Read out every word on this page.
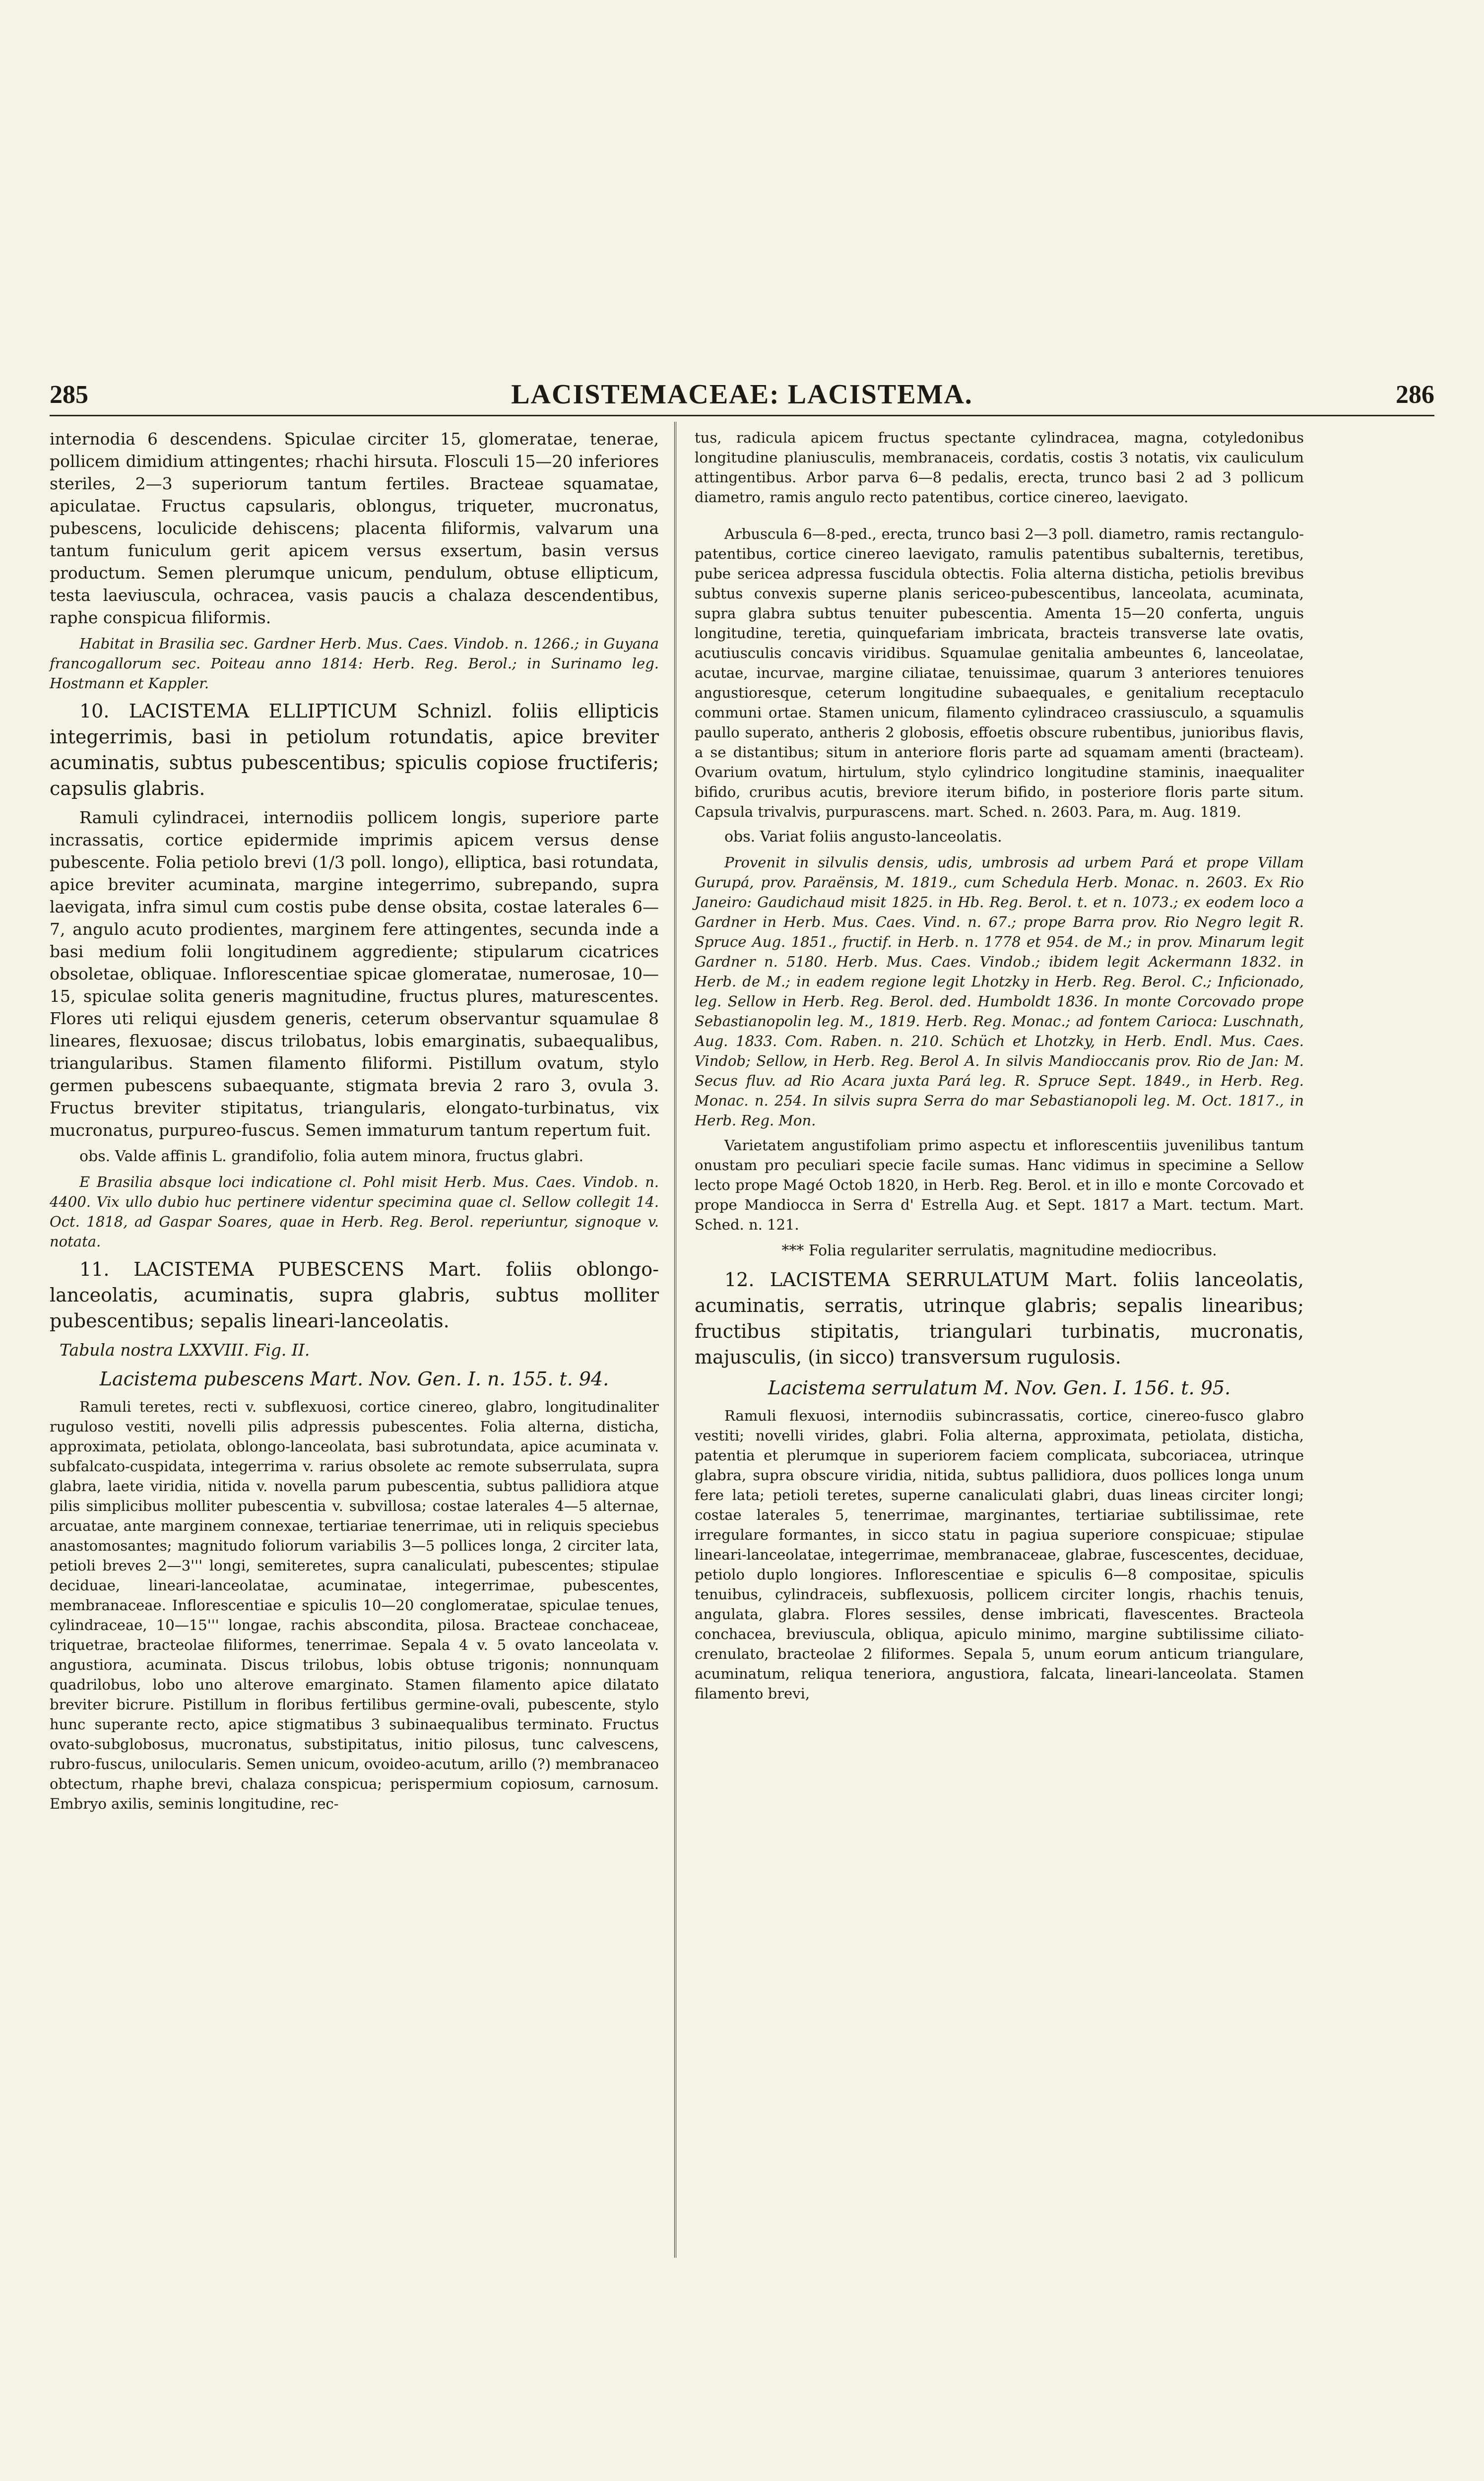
285	LACISTEMACEAE: LACISTEMA.	286

internodia 6 descendens. Spiculae circiter 15, glomeratae, tenerae, pollicem dimidium attingentes; rhachi hirsuta. Flosculi 15—20 inferiores steriles, 2—3 superiorum tantum fertiles. Bracteae squamatae, apiculatae. Fructus capsularis, oblongus, triqueter, mucronatus, pubescens, loculicide dehiscens; placenta filiformis, valvarum una tantum funiculum gerit apicem versus exsertum, basin versus productum. Semen plerumque unicum, pendulum, obtuse ellipticum, testa laeviuscula, ochracea, vasis paucis a chalaza descendentibus, raphe conspicua filiformis.

Habitat in Brasilia sec. Gardner Herb. Mus. Caes. Vindob. n. 1266.; in Guyana francogallorum sec. Poiteau anno 1814: Herb. Reg. Berol.; in Surinamo leg. Hostmann et Kappler.

10. LACISTEMA ELLIPTICUM Schnizl. foliis ellipticis integerrimis, basi in petiolum rotundatis, apice breviter acuminatis, subtus pubescentibus; spiculis copiose fructiferis; capsulis glabris.

Ramuli cylindracei, internodiis pollicem longis, superiore parte incrassatis, cortice epidermide imprimis apicem versus dense pubescente. Folia petiolo brevi (1/3 poll. longo), elliptica, basi rotundata, apice breviter acuminata, margine integerrimo, subrepando, supra laevigata, infra simul cum costis pube dense obsita, costae laterales 6—7, angulo acuto prodientes, marginem fere attingentes, secunda inde a basi medium folii longitudinem aggrediente; stipularum cicatrices obsoletae, obliquae. Inflorescentiae spicae glomeratae, numerosae, 10—15, spiculae solita generis magnitudine, fructus plures, maturescentes. Flores uti reliqui ejusdem generis, ceterum observantur squamulae 8 lineares, flexuosae; discus trilobatus, lobis emarginatis, subaequalibus, triangularibus. Stamen filamento filiformi. Pistillum ovatum, stylo germen pubescens subaequante, stigmata brevia 2 raro 3, ovula 3. Fructus breviter stipitatus, triangularis, elongato-turbinatus, vix mucronatus, purpureo-fuscus. Semen immaturum tantum repertum fuit.

obs. Valde affinis L. grandifolio, folia autem minora, fructus glabri.

E Brasilia absque loci indicatione cl. Pohl misit Herb. Mus. Caes. Vindob. n. 4400. Vix ullo dubio huc pertinere videntur specimina quae cl. Sellow collegit 14. Oct. 1818, ad Gaspar Soares, quae in Herb. Reg. Berol. reperiuntur, signoque v. notata.

11. LACISTEMA PUBESCENS Mart. foliis oblongo-lanceolatis, acuminatis, supra glabris, subtus molliter pubescentibus; sepalis lineari-lanceolatis.

Tabula nostra LXXVIII. Fig. II.

Lacistema pubescens Mart. Nov. Gen. I. n. 155. t. 94.

Ramuli teretes, recti v. subflexuosi, cortice cinereo, glabro, longitudinaliter ruguloso vestiti, novelli pilis adpressis pubescentes. Folia alterna, disticha, approximata, petiolata, oblongo-lanceolata, basi subrotundata, apice acuminata v. subfalcato-cuspidata, integerrima v. rarius obsolete ac remote subserrulata, supra glabra, laete viridia, nitida v. novella parum pubescentia, subtus pallidiora atque pilis simplicibus molliter pubescentia v. subvillosa; costae laterales 4—5 alternae, arcuatae, ante marginem connexae, tertiariae tenerrimae, uti in reliquis speciebus anastomosantes; magnitudo foliorum variabilis 3—5 pollices longa, 2 circiter lata, petioli breves 2—3''' longi, semiteretes, supra canaliculati, pubescentes; stipulae deciduae, lineari-lanceolatae, acuminatae, integerrimae, pubescentes, membranaceae. Inflorescentiae e spiculis 10—20 conglomeratae, spiculae tenues, cylindraceae, 10—15''' longae, rachis abscondita, pilosa. Bracteae conchaceae, triquetrae, bracteolae filiformes, tenerrimae. Sepala 4 v. 5 ovato lanceolata v. angustiora, acuminata. Discus trilobus, lobis obtuse trigonis; nonnunquam quadrilobus, lobo uno alterove emarginato. Stamen filamento apice dilatato breviter bicrure. Pistillum in floribus fertilibus germine-ovali, pubescente, stylo hunc superante recto, apice stigmatibus 3 subinaequalibus terminato. Fructus ovato-subglobosus, mucronatus, substipitatus, initio pilosus, tunc calvescens, rubro-fuscus, unilocularis. Semen unicum, ovoideo-acutum, arillo (?) membranaceo obtectum, rhaphe brevi, chalaza conspicua; perispermium copiosum, carnosum. Embryo axilis, seminis longitudine, rec-

tus, radicula apicem fructus spectante cylindracea, magna, cotyledonibus longitudine planiusculis, membranaceis, cordatis, costis 3 notatis, vix cauliculum attingentibus. Arbor parva 6—8 pedalis, erecta, trunco basi 2 ad 3 pollicum diametro, ramis angulo recto patentibus, cortice cinereo, laevigato.

Arbuscula 6—8-ped., erecta, trunco basi 2—3 poll. diametro, ramis rectangulo-patentibus, cortice cinereo laevigato, ramulis patentibus subalternis, teretibus, pube sericea adpressa fuscidula obtectis. Folia alterna disticha, petiolis brevibus subtus convexis superne planis sericeo-pubescentibus, lanceolata, acuminata, supra glabra subtus tenuiter pubescentia. Amenta 15—20 conferta, unguis longitudine, teretia, quinquefariam imbricata, bracteis transverse late ovatis, acutiusculis concavis viridibus. Squamulae genitalia ambeuntes 6, lanceolatae, acutae, incurvae, margine ciliatae, tenuissimae, quarum 3 anteriores tenuiores angustioresque, ceterum longitudine subaequales, e genitalium receptaculo communi ortae. Stamen unicum, filamento cylindraceo crassiusculo, a squamulis paullo superato, antheris 2 globosis, effoetis obscure rubentibus, junioribus flavis, a se distantibus; situm in anteriore floris parte ad squamam amenti (bracteam). Ovarium ovatum, hirtulum, stylo cylindrico longitudine staminis, inaequaliter bifido, cruribus acutis, breviore iterum bifido, in posteriore floris parte situm. Capsula trivalvis, purpurascens. mart. Sched. n. 2603. Para, m. Aug. 1819.

obs. Variat foliis angusto-lanceolatis.

Provenit in silvulis densis, udis, umbrosis ad urbem Pará et prope Villam Gurupá, prov. Paraënsis, M. 1819., cum Schedula Herb. Monac. n. 2603. Ex Rio Janeiro: Gaudichaud misit 1825. in Hb. Reg. Berol. t. et n. 1073.; ex eodem loco a Gardner in Herb. Mus. Caes. Vind. n. 67.; prope Barra prov. Rio Negro legit R. Spruce Aug. 1851., fructif. in Herb. n. 1778 et 954. de M.; in prov. Minarum legit Gardner n. 5180. Herb. Mus. Caes. Vindob.; ibidem legit Ackermann 1832. in Herb. de M.; in eadem regione legit Lhotzky in Herb. Reg. Berol. C.; Inficionado, leg. Sellow in Herb. Reg. Berol. ded. Humboldt 1836. In monte Corcovado prope Sebastianopolin leg. M., 1819. Herb. Reg. Monac.; ad fontem Carioca: Luschnath, Aug. 1833. Com. Raben. n. 210. Schüch et Lhotzky, in Herb. Endl. Mus. Caes. Vindob; Sellow, in Herb. Reg. Berol A. In silvis Mandioccanis prov. Rio de Jan: M. Secus fluv. ad Rio Acara juxta Pará leg. R. Spruce Sept. 1849., in Herb. Reg. Monac. n. 254. In silvis supra Serra do mar Sebastianopoli leg. M. Oct. 1817., in Herb. Reg. Mon.

Varietatem angustifoliam primo aspectu et inflorescentiis juvenilibus tantum onustam pro peculiari specie facile sumas. Hanc vidimus in specimine a Sellow lecto prope Magé Octob 1820, in Herb. Reg. Berol. et in illo e monte Corcovado et prope Mandiocca in Serra d' Estrella Aug. et Sept. 1817 a Mart. tectum. Mart. Sched. n. 121.

*** Folia regulariter serrulatis, magnitudine mediocribus.

12. LACISTEMA SERRULATUM Mart. foliis lanceolatis, acuminatis, serratis, utrinque glabris; sepalis linearibus; fructibus stipitatis, triangulari turbinatis, mucronatis, majusculis, (in sicco) transversum rugulosis.

Lacistema serrulatum M. Nov. Gen. I. 156. t. 95.

Ramuli flexuosi, internodiis subincrassatis, cortice, cinereo-fusco glabro vestiti; novelli virides, glabri. Folia alterna, approximata, petiolata, disticha, patentia et plerumque in superiorem faciem complicata, subcoriacea, utrinque glabra, supra obscure viridia, nitida, subtus pallidiora, duos pollices longa unum fere lata; petioli teretes, superne canaliculati glabri, duas lineas circiter longi; costae laterales 5, tenerrimae, marginantes, tertiariae subtilissimae, rete irregulare formantes, in sicco statu in pagiua superiore conspicuae; stipulae lineari-lanceolatae, integerrimae, membranaceae, glabrae, fuscescentes, deciduae, petiolo duplo longiores. Inflorescentiae e spiculis 6—8 compositae, spiculis tenuibus, cylindraceis, subflexuosis, pollicem circiter longis, rhachis tenuis, angulata, glabra. Flores sessiles, dense imbricati, flavescentes. Bracteola conchacea, breviuscula, obliqua, apiculo minimo, margine subtilissime ciliato-crenulato, bracteolae 2 filiformes. Sepala 5, unum eorum anticum triangulare, acuminatum, reliqua teneriora, angustiora, falcata, lineari-lanceolata. Stamen filamento brevi,
